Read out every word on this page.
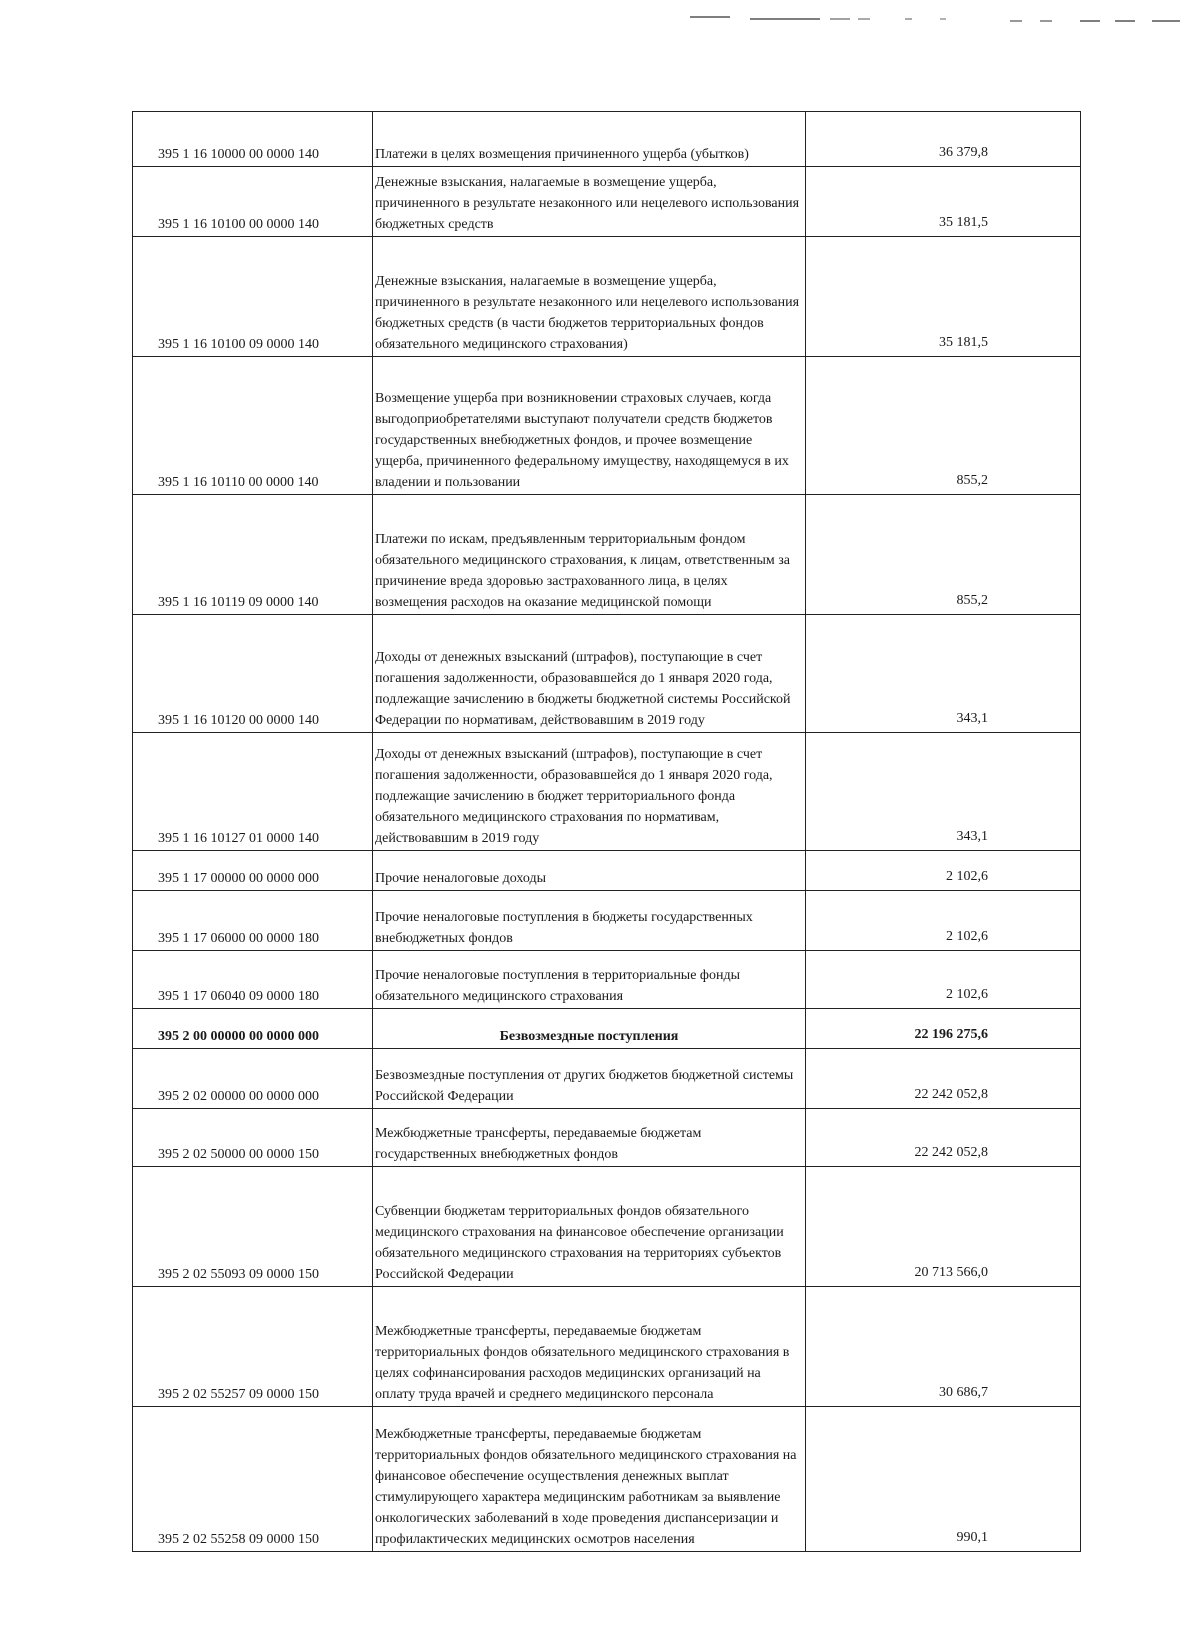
395 1 16 10000 00 0000 140	Платежи в целях возмещения причиненного ущерба (убытков)	36 379,8
395 1 16 10100 00 0000 140	Денежные взыскания, налагаемые в возмещение ущерба, причиненного в результате незаконного или нецелевого использования бюджетных средств	35 181,5
395 1 16 10100 09 0000 140	Денежные взыскания, налагаемые в возмещение ущерба, причиненного в результате незаконного или нецелевого использования бюджетных средств (в части бюджетов территориальных фондов обязательного медицинского страхования)	35 181,5
395 1 16 10110 00 0000 140	Возмещение ущерба при возникновении страховых случаев, когда выгодоприобретателями выступают получатели средств бюджетов государственных внебюджетных фондов, и прочее возмещение ущерба, причиненного федеральному имуществу, находящемуся в их владении и пользовании	855,2
395 1 16 10119 09 0000 140	Платежи по искам, предъявленным территориальным фондом обязательного медицинского страхования, к лицам, ответственным за причинение вреда здоровью застрахованного лица, в целях возмещения расходов на оказание медицинской помощи	855,2
395 1 16 10120 00 0000 140	Доходы от денежных взысканий (штрафов), поступающие в счет погашения задолженности, образовавшейся до 1 января 2020 года, подлежащие зачислению в бюджеты бюджетной системы Российской Федерации по нормативам, действовавшим в 2019 году	343,1
395 1 16 10127 01 0000 140	Доходы от денежных взысканий (штрафов), поступающие в счет погашения задолженности, образовавшейся до 1 января 2020 года, подлежащие зачислению в бюджет территориального фонда обязательного медицинского страхования по нормативам, действовавшим в 2019 году	343,1
395 1 17 00000 00 0000 000	Прочие неналоговые доходы	2 102,6
395 1 17 06000 00 0000 180	Прочие неналоговые поступления в бюджеты государственных внебюджетных фондов	2 102,6
395 1 17 06040 09 0000 180	Прочие неналоговые поступления в территориальные фонды обязательного медицинского страхования	2 102,6
395 2 00 00000 00 0000 000	Безвозмездные поступления	22 196 275,6
395 2 02 00000 00 0000 000	Безвозмездные поступления от других бюджетов бюджетной системы Российской Федерации	22 242 052,8
395 2 02 50000 00 0000 150	Межбюджетные трансферты, передаваемые бюджетам государственных внебюджетных фондов	22 242 052,8
395 2 02 55093 09 0000 150	Субвенции бюджетам территориальных фондов обязательного медицинского страхования на финансовое обеспечение организации обязательного медицинского страхования на территориях субъектов Российской Федерации	20 713 566,0
395 2 02 55257 09 0000 150	Межбюджетные трансферты, передаваемые бюджетам территориальных фондов обязательного медицинского страхования в целях софинансирования расходов медицинских организаций на оплату труда врачей и среднего медицинского персонала	30 686,7
395 2 02 55258 09 0000 150	Межбюджетные трансферты, передаваемые бюджетам территориальных фондов обязательного медицинского страхования на финансовое обеспечение осуществления денежных выплат стимулирующего характера медицинским работникам за выявление онкологических заболеваний в ходе проведения диспансеризации и профилактических медицинских осмотров населения	990,1
